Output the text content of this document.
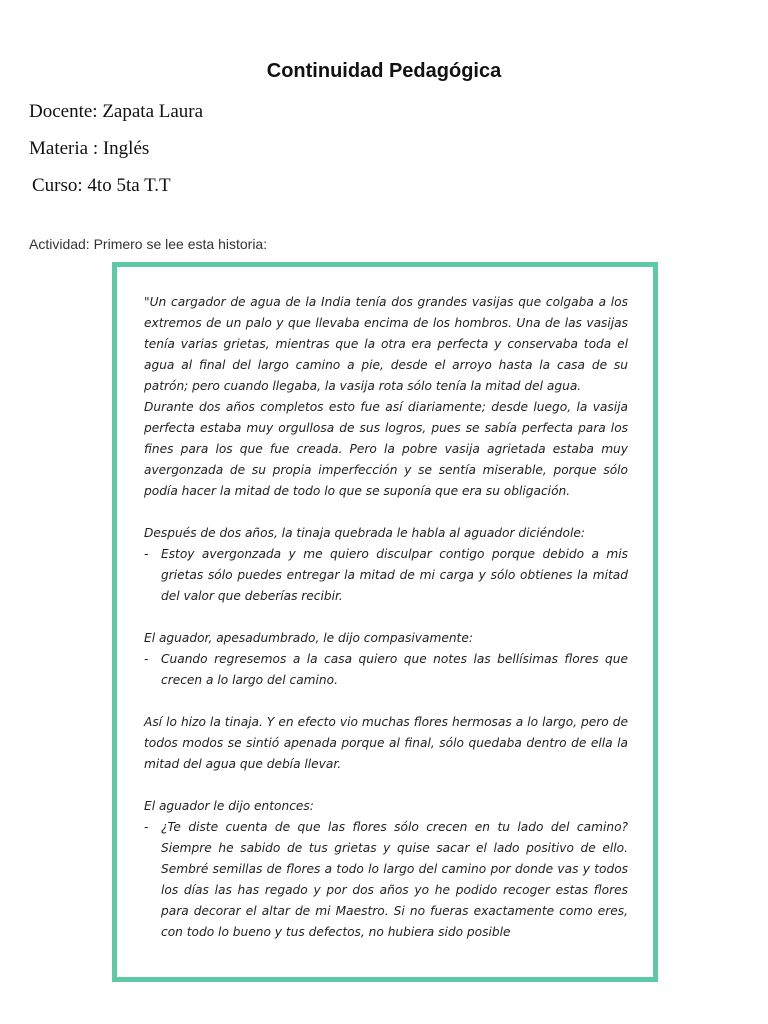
Continuidad Pedagógica

Docente: Zapata Laura

Materia : Inglés

Curso: 4to 5ta T.T

Actividad: Primero se lee esta historia:

"Un cargador de agua de la India tenía dos grandes vasijas que colgaba a los extremos de un palo y que llevaba encima de los hombros. Una de las vasijas tenía varias grietas, mientras que la otra era perfecta y conservaba toda el agua al final del largo camino a pie, desde el arroyo hasta la casa de su patrón; pero cuando llegaba, la vasija rota sólo tenía la mitad del agua.

Durante dos años completos esto fue así diariamente; desde luego, la vasija perfecta estaba muy orgullosa de sus logros, pues se sabía perfecta para los fines para los que fue creada. Pero la pobre vasija agrietada estaba muy avergonzada de su propia imperfección y se sentía miserable, porque sólo podía hacer la mitad de todo lo que se suponía que era su obligación.

Después de dos años, la tinaja quebrada le habla al aguador diciéndole:

- Estoy avergonzada y me quiero disculpar contigo porque debido a mis grietas sólo puedes entregar la mitad de mi carga y sólo obtienes la mitad del valor que deberías recibir.

El aguador, apesadumbrado, le dijo compasivamente:

- Cuando regresemos a la casa quiero que notes las bellísimas flores que crecen a lo largo del camino.

Así lo hizo la tinaja. Y en efecto vio muchas flores hermosas a lo largo, pero de todos modos se sintió apenada porque al final, sólo quedaba dentro de ella la mitad del agua que debía llevar.

El aguador le dijo entonces:

- ¿Te diste cuenta de que las flores sólo crecen en tu lado del camino? Siempre he sabido de tus grietas y quise sacar el lado positivo de ello. Sembré semillas de flores a todo lo largo del camino por donde vas y todos los días las has regado y por dos años yo he podido recoger estas flores para decorar el altar de mi Maestro. Si no fueras exactamente como eres, con todo lo bueno y tus defectos, no hubiera sido posible
